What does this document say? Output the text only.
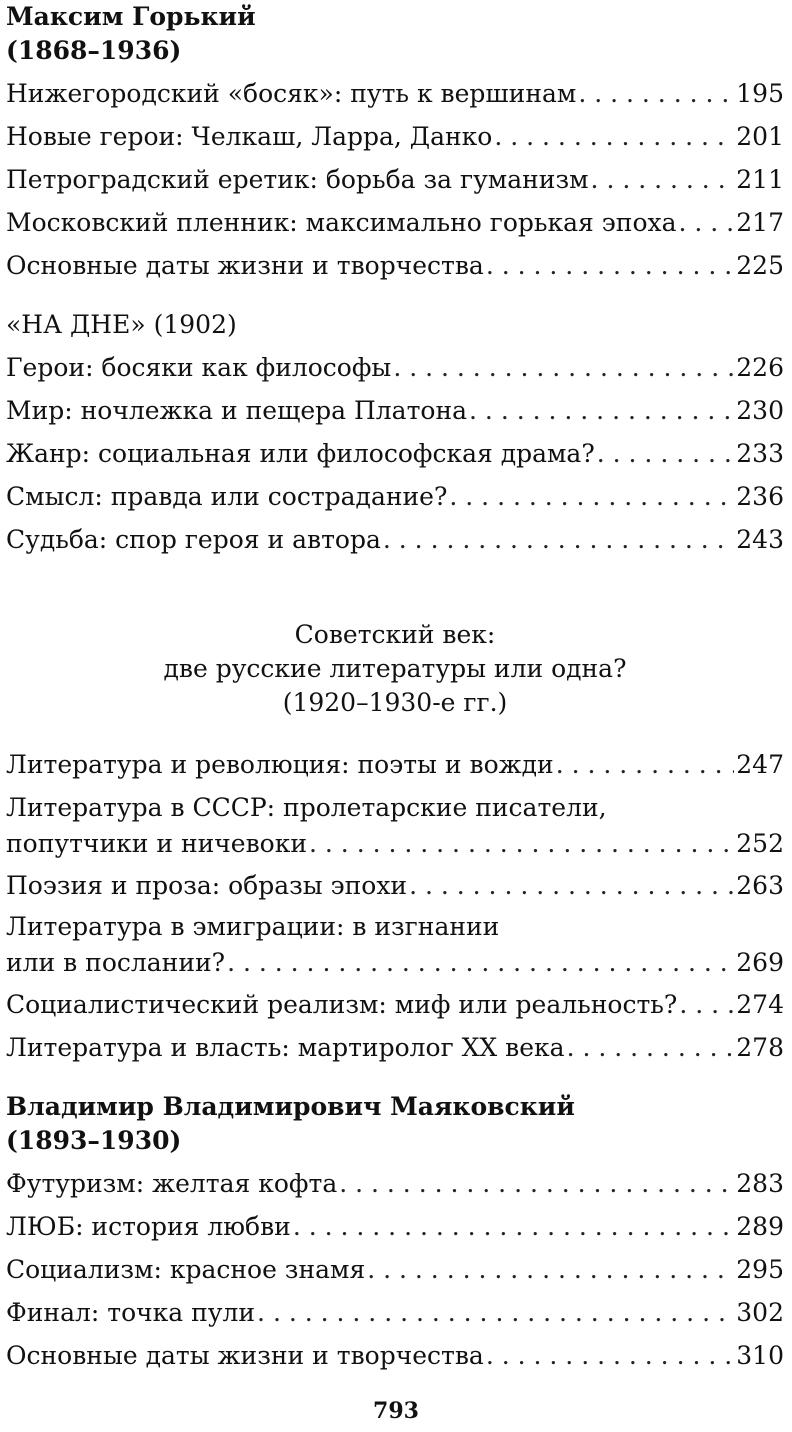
Максим Горький
(1868–1936)
Нижегородский «босяк»: путь к вершинам . . .	195
Новые герои: Челкаш, Ларра, Данко . . .	201
Петроградский еретик: борьба за гуманизм . . .	211
Московский пленник: максимально горькая эпоха . . . 217
Основные даты жизни и творчества . . .	225
«НА ДНЕ» (1902)
Герои: босяки как философы . . .	226
Мир: ночлежка и пещера Платона . . .	230
Жанр: социальная или философская драма? . . .	233
Смысл: правда или сострадание? . . .	236
Судьба: спор героя и автора . . .	243
Советский век:
две русские литературы или одна?
(1920–1930-е гг.)
Литература и революция: поэты и вожди . . .	247
Литература в СССР: пролетарские писатели,
попутчики и ничевоки . . .	252
Поэзия и проза: образы эпохи . . .	263
Литература в эмиграции: в изгнании
или в послании? . . .	269
Социалистический реализм: миф или реальность? . . . 274
Литература и власть: мартиролог XX века . . .	278
Владимир Владимирович Маяковский
(1893–1930)
Футуризм: желтая кофта . . .	283
ЛЮБ: история любви . . .	289
Социализм: красное знамя . . .	295
Финал: точка пули . . .	302
Основные даты жизни и творчества . . .	310
793
